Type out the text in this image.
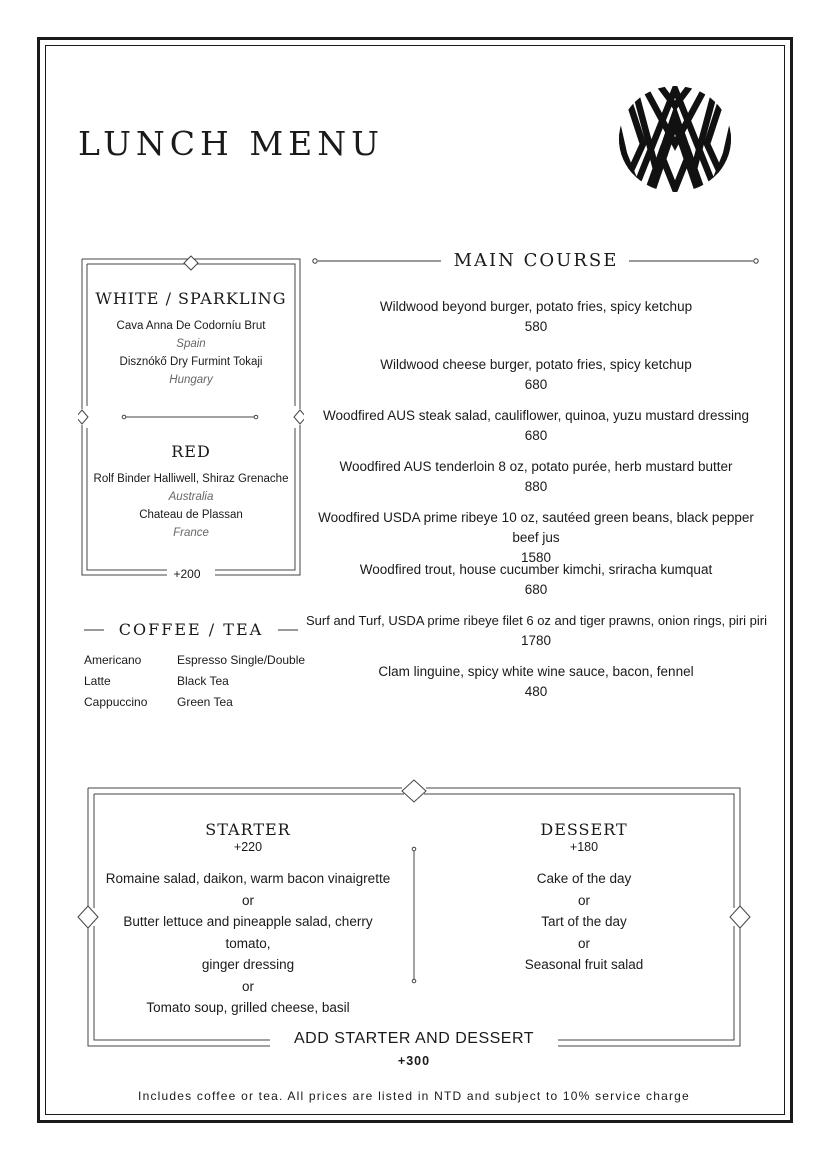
LUNCH MENU
MAIN COURSE
Wildwood beyond burger, potato fries, spicy ketchup
580
Wildwood cheese burger, potato fries, spicy ketchup
680
Woodfired AUS steak salad, cauliflower, quinoa, yuzu mustard dressing
680
Woodfired AUS tenderloin 8 oz, potato purée, herb mustard butter
880
Woodfired USDA prime ribeye 10 oz, sautéed green beans, black pepper beef jus
1580
Woodfired trout, house cucumber kimchi, sriracha kumquat
680
Surf and Turf, USDA prime ribeye filet 6 oz and tiger prawns, onion rings, piri piri
1780
Clam linguine, spicy white wine sauce, bacon, fennel
480
WHITE / SPARKLING
Cava Anna De Codorníu Brut
Spain
Disznókő Dry Furmint Tokaji
Hungary
RED
Rolf Binder Halliwell, Shiraz Grenache
Australia
Chateau de Plassan
France
+200
COFFEE / TEA
Americano
Latte
Cappuccino
Espresso Single/Double
Black Tea
Green Tea
STARTER
+220
Romaine salad, daikon, warm bacon vinaigrette
or
Butter lettuce and pineapple salad, cherry tomato,
ginger dressing
or
Tomato soup, grilled cheese, basil
DESSERT
+180
Cake of the day
or
Tart of the day
or
Seasonal fruit salad
ADD STARTER AND DESSERT
+300
Includes coffee or tea. All prices are listed in NTD and subject to 10% service charge
